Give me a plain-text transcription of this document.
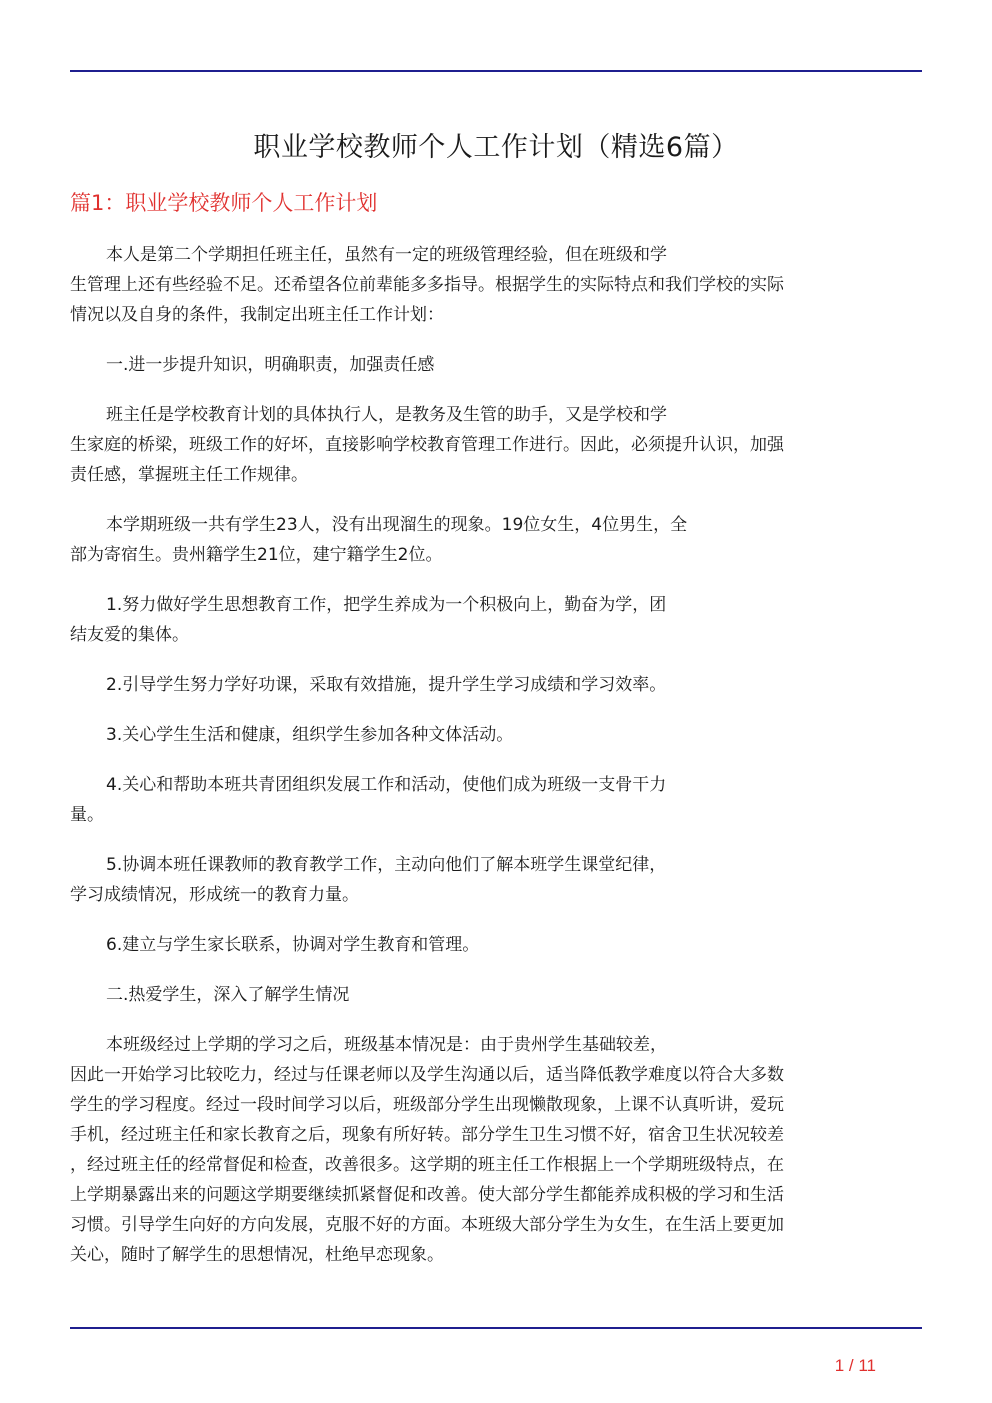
职业学校教师个人工作计划（精选6篇）
篇1：职业学校教师个人工作计划

本人是第二个学期担任班主任，虽然有一定的班级管理经验，但在班级和学
生管理上还有些经验不足。还希望各位前辈能多多指导。根据学生的实际特点和我们学校的实际
情况以及自身的条件，我制定出班主任工作计划：

一.进一步提升知识，明确职责，加强责任感

班主任是学校教育计划的具体执行人，是教务及生管的助手，又是学校和学
生家庭的桥梁，班级工作的好坏，直接影响学校教育管理工作进行。因此，必须提升认识，加强
责任感，掌握班主任工作规律。

本学期班级一共有学生23人，没有出现溜生的现象。19位女生，4位男生，全
部为寄宿生。贵州籍学生21位，建宁籍学生2位。

1.努力做好学生思想教育工作，把学生养成为一个积极向上，勤奋为学，团
结友爱的集体。

2.引导学生努力学好功课，采取有效措施，提升学生学习成绩和学习效率。

3.关心学生生活和健康，组织学生参加各种文体活动。

4.关心和帮助本班共青团组织发展工作和活动，使他们成为班级一支骨干力
量。

5.协调本班任课教师的教育教学工作，主动向他们了解本班学生课堂纪律，
学习成绩情况，形成统一的教育力量。

6.建立与学生家长联系，协调对学生教育和管理。

二.热爱学生，深入了解学生情况

本班级经过上学期的学习之后，班级基本情况是：由于贵州学生基础较差，
因此一开始学习比较吃力，经过与任课老师以及学生沟通以后，适当降低教学难度以符合大多数
学生的学习程度。经过一段时间学习以后，班级部分学生出现懒散现象，上课不认真听讲，爱玩
手机，经过班主任和家长教育之后，现象有所好转。部分学生卫生习惯不好，宿舍卫生状况较差
，经过班主任的经常督促和检查，改善很多。这学期的班主任工作根据上一个学期班级特点，在
上学期暴露出来的问题这学期要继续抓紧督促和改善。使大部分学生都能养成积极的学习和生活
习惯。引导学生向好的方向发展，克服不好的方面。本班级大部分学生为女生，在生活上要更加
关心，随时了解学生的思想情况，杜绝早恋现象。

1 / 11
